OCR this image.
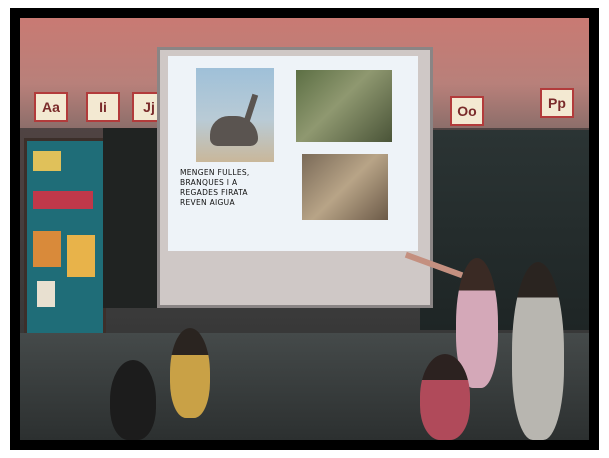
Aa	Ii	Jj	Oo	Pp
MENGEN FULLES,
BRANQUES I A
REGADES FIRATA
REVEN AIGUA
